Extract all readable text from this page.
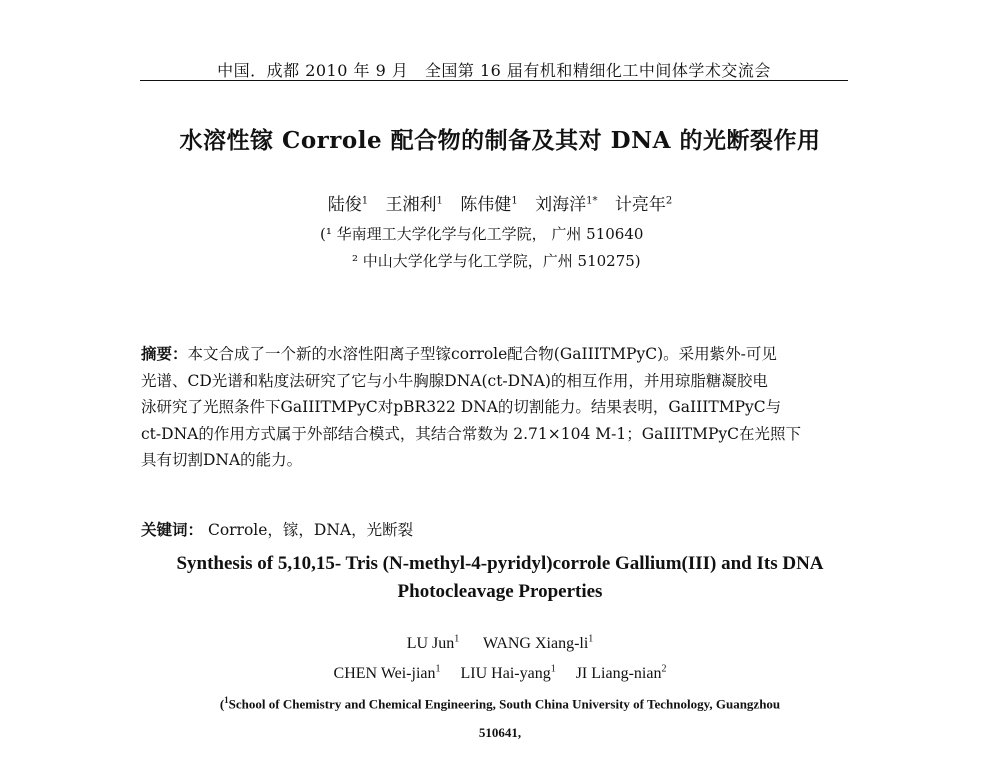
中国．成都 2010 年 9 月　全国第 16 届有机和精细化工中间体学术交流会
水溶性镓 Corrole 配合物的制备及其对 DNA 的光断裂作用
陆俊$^1$ 王湘利$^1$ 陈伟健$^1$ 刘海洋$^{1*}$ 计亮年$^2$
(¹ 华南理工大学化学与化工学院， 广州 510640
² 中山大学化学与化工学院，广州 510275)
摘要：本文合成了一个新的水溶性阳离子型镓corrole配合物(GaIIITMPyC)。采用紫外-可见
光谱、CD光谱和粘度法研究了它与小牛胸腺DNA(ct-DNA)的相互作用，并用琼脂糖凝胶电
泳研究了光照条件下GaIIITMPyC对pBR322 DNA的切割能力。结果表明，GaIIITMPyC与
ct-DNA的作用方式属于外部结合模式，其结合常数为 2.71×104 M-1；GaIIITMPyC在光照下
具有切割DNA的能力。
关键词： Corrole，镓，DNA，光断裂
Synthesis of 5,10,15- Tris (N-methyl-4-pyridyl)corrole Gallium(III) and Its DNA
Photocleavage Properties
LU Jun$^1$ WANG Xiang-$li^1$
CHEN Wei-jian$^1$ LIU Hai-yang$^1$ JI Liang-nian$^2$
($^1$School of Chemistry and Chemical Engineering, South China University of Technology, Guangzhou
510641,
